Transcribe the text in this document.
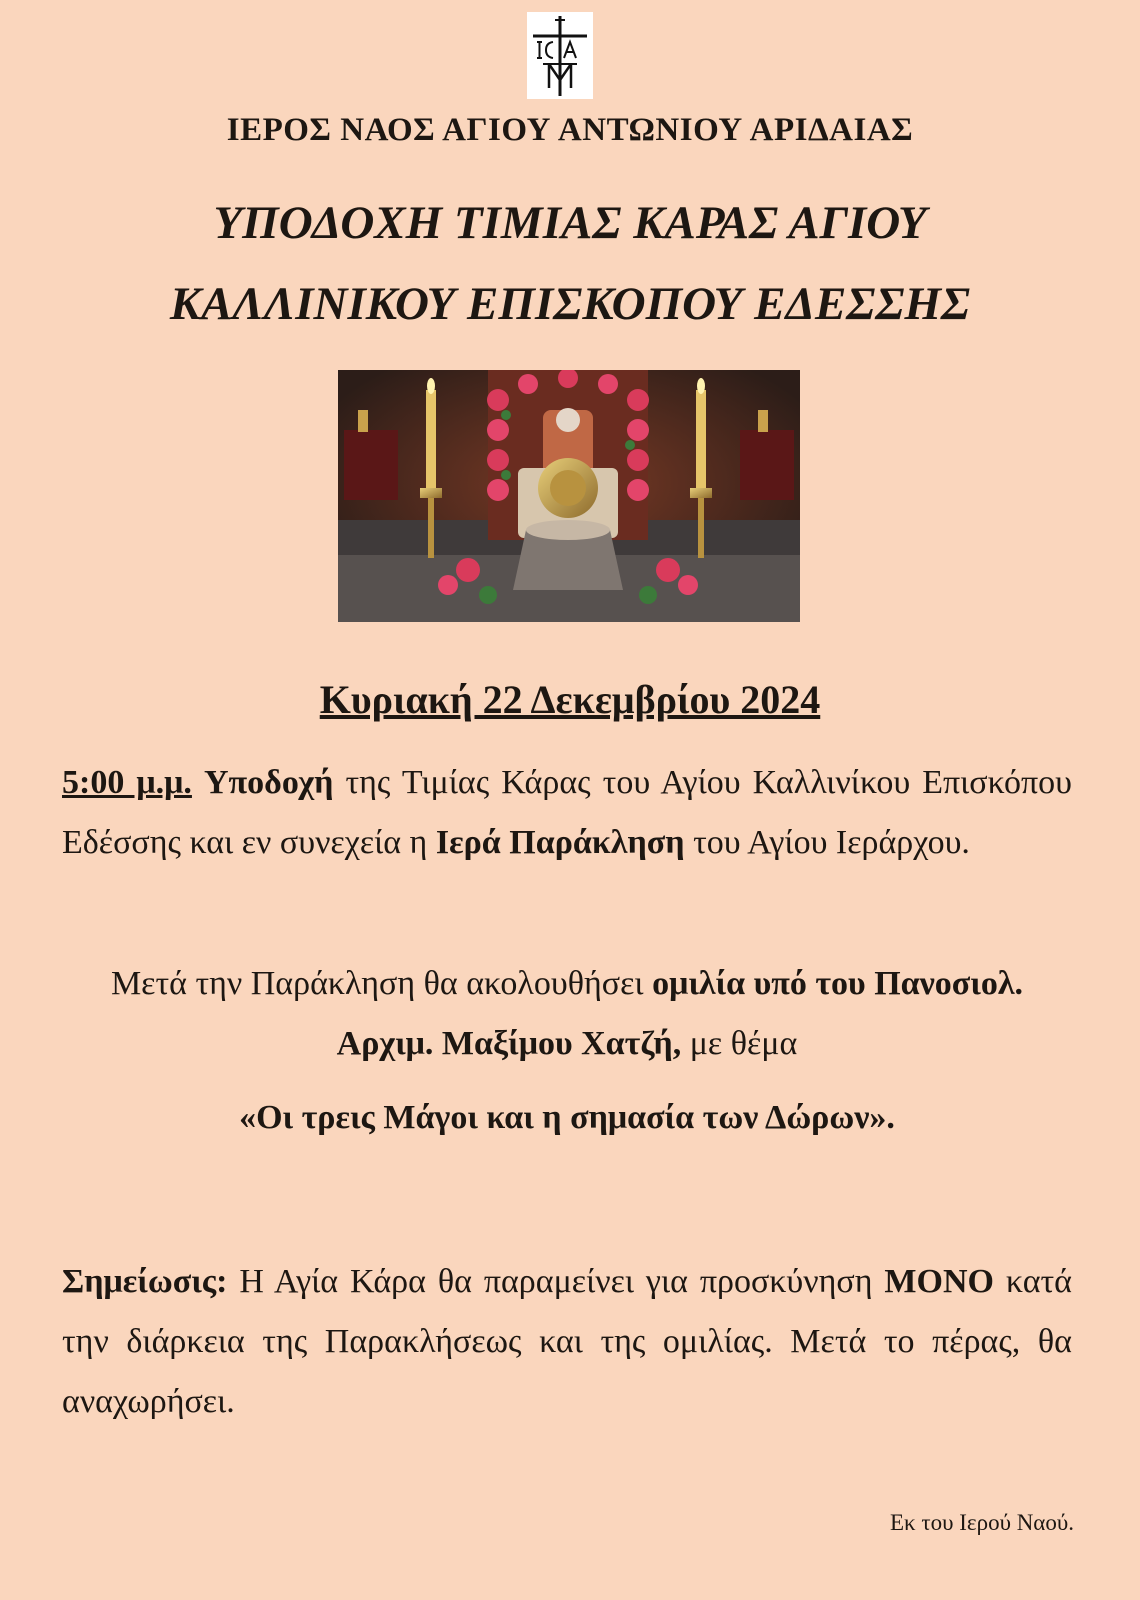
ΙΕΡΟΣ ΝΑΟΣ ΑΓΙΟΥ ΑΝΤΩΝΙΟΥ ΑΡΙΔΑΙΑΣ
ΥΠΟΔΟΧΗ ΤΙΜΙΑΣ ΚΑΡΑΣ ΑΓΙΟΥ
ΚΑΛΛΙΝΙΚΟΥ ΕΠΙΣΚΟΠΟΥ ΕΔΕΣΣΗΣ
Κυριακή 22 Δεκεμβρίου 2024
5:00 μ.μ. Υποδοχή της Τιμίας Κάρας του Αγίου Καλλινίκου Επισκόπου Εδέσσης και εν συνεχεία η Ιερά Παράκληση του Αγίου Ιεράρχου.
Μετά την Παράκληση θα ακολουθήσει ομιλία υπό του Πανοσιολ. Αρχιμ. Μαξίμου Χατζή, με θέμα
«Οι τρεις Μάγοι και η σημασία των Δώρων».
Σημείωσις: Η Αγία Κάρα θα παραμείνει για προσκύνηση ΜΟΝΟ κατά την διάρκεια της Παρακλήσεως και της ομιλίας. Μετά το πέρας, θα αναχωρήσει.
Εκ του Ιερού Ναού.
